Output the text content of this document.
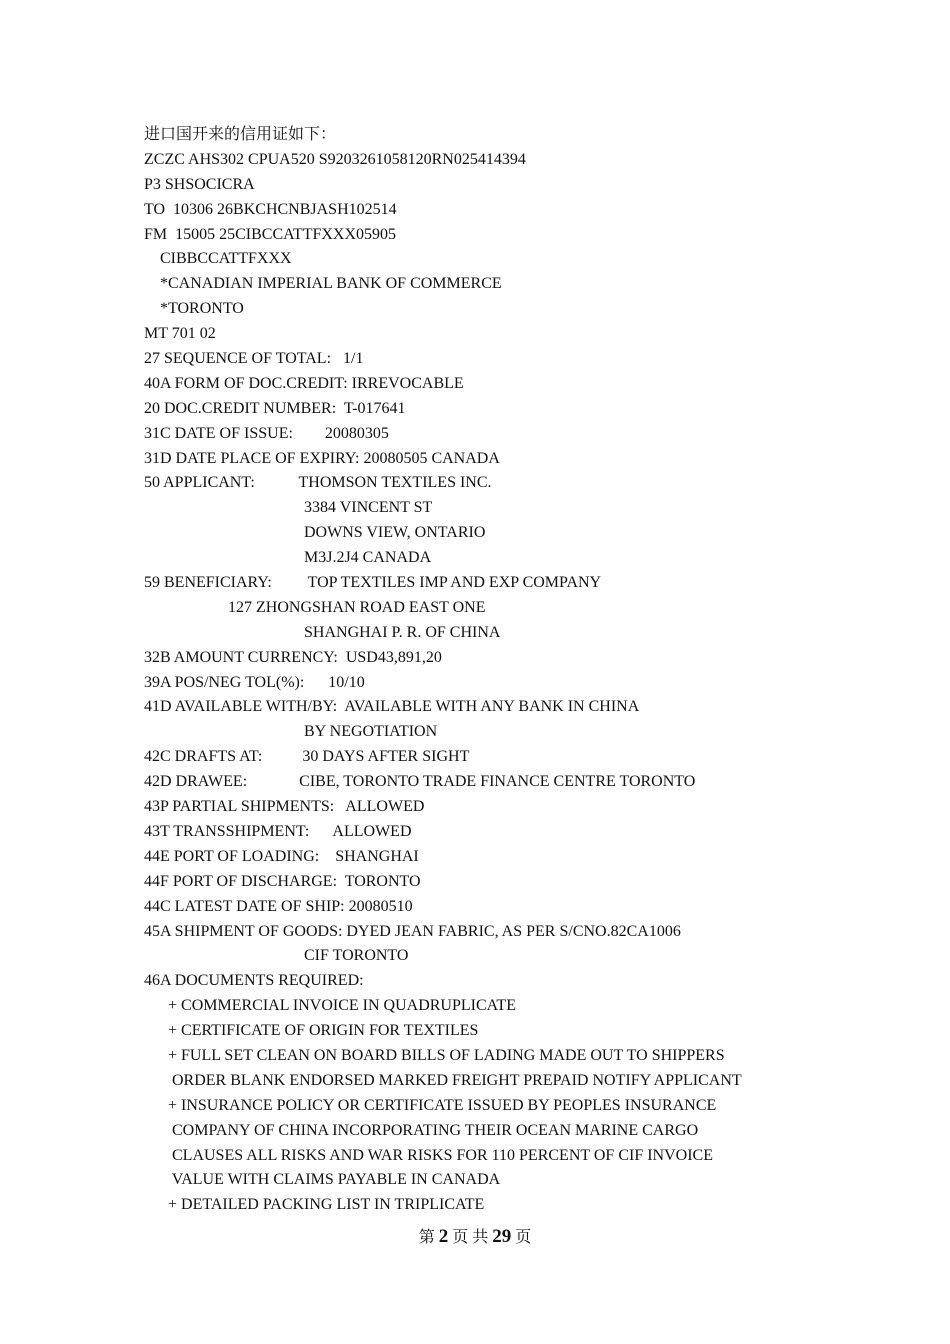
进口国开来的信用证如下：
ZCZC AHS302 CPUA520 S9203261058120RN025414394
P3 SHSOCICRA
TO  10306 26BKCHCNBJASH102514
FM  15005 25CIBCCATTFXXX05905
CIBBCCATTFXXX
*CANADIAN IMPERIAL BANK OF COMMERCE
*TORONTO
MT 701 02
27 SEQUENCE OF TOTAL:   1/1
40A FORM OF DOC.CREDIT: IRREVOCABLE
20 DOC.CREDIT NUMBER:  T-017641
31C DATE OF ISSUE:        20080305
31D DATE PLACE OF EXPIRY: 20080505 CANADA
50 APPLICANT:           THOMSON TEXTILES INC.
3384 VINCENT ST
DOWNS VIEW, ONTARIO
M3J.2J4 CANADA
59 BENEFICIARY:         TOP TEXTILES IMP AND EXP COMPANY
127 ZHONGSHAN ROAD EAST ONE
SHANGHAI P. R. OF CHINA
32B AMOUNT CURRENCY:  USD43,891,20
39A POS/NEG TOL(%):      10/10
41D AVAILABLE WITH/BY:  AVAILABLE WITH ANY BANK IN CHINA
BY NEGOTIATION
42C DRAFTS AT:          30 DAYS AFTER SIGHT
42D DRAWEE:             CIBE, TORONTO TRADE FINANCE CENTRE TORONTO
43P PARTIAL SHIPMENTS:   ALLOWED
43T TRANSSHIPMENT:      ALLOWED
44E PORT OF LOADING:    SHANGHAI
44F PORT OF DISCHARGE:  TORONTO
44C LATEST DATE OF SHIP: 20080510
45A SHIPMENT OF GOODS: DYED JEAN FABRIC, AS PER S/CNO.82CA1006
CIF TORONTO
46A DOCUMENTS REQUIRED:
+ COMMERCIAL INVOICE IN QUADRUPLICATE
+ CERTIFICATE OF ORIGIN FOR TEXTILES
+ FULL SET CLEAN ON BOARD BILLS OF LADING MADE OUT TO SHIPPERS
ORDER BLANK ENDORSED MARKED FREIGHT PREPAID NOTIFY APPLICANT
+ INSURANCE POLICY OR CERTIFICATE ISSUED BY PEOPLES INSURANCE
COMPANY OF CHINA INCORPORATING THEIR OCEAN MARINE CARGO
CLAUSES ALL RISKS AND WAR RISKS FOR 110 PERCENT OF CIF INVOICE
VALUE WITH CLAIMS PAYABLE IN CANADA
+ DETAILED PACKING LIST IN TRIPLICATE
第 2 页 共 29 页
